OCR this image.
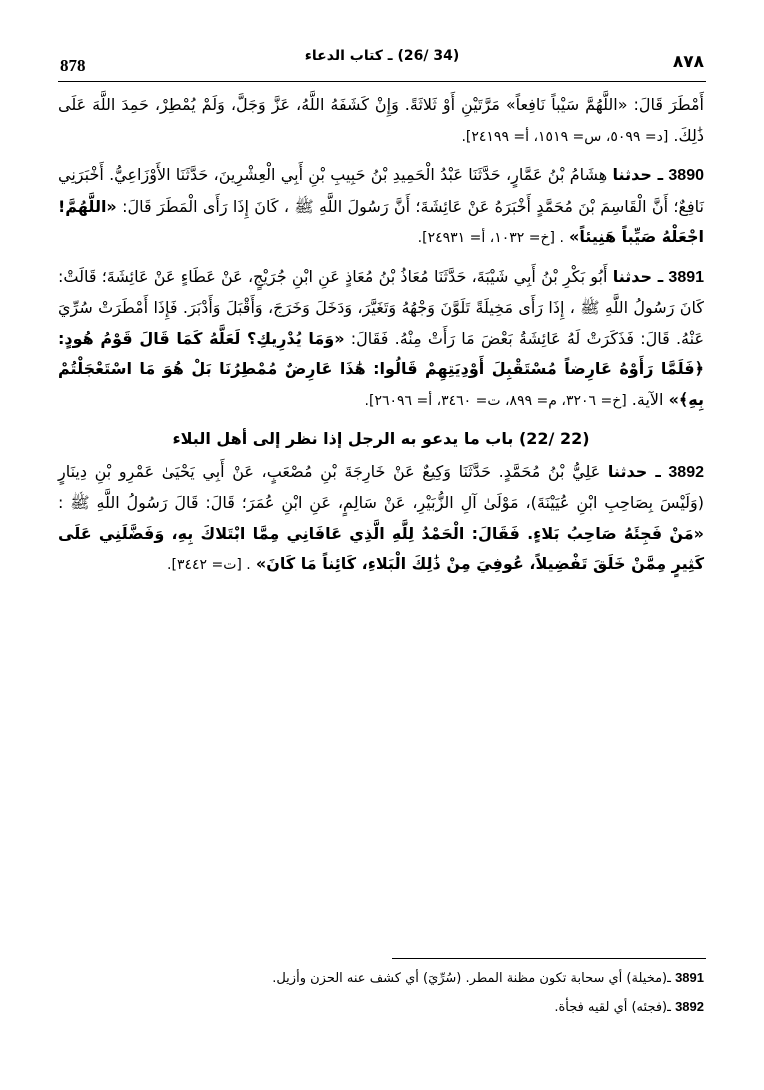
878	(34 /26) ـ كتاب الدعاء	٨٧٨

أَمْطَرَ قَالَ: «اللَّهُمَّ سَيْباً نَافِعاً» مَرَّتَيْنِ أَوْ ثَلاثَةً. وَإِنْ كَشَفَهُ اللَّهُ، عَزَّ وَجَلَّ، وَلَمْ يُمْطِرْ، حَمِدَ اللَّهَ عَلَى ذَٰلِكَ. [د= ٥٠٩٩، س= ١٥١٩، أ= ٢٤١٩٩].

3890 ـ حدثنا هِشَامُ بْنُ عَمَّارٍ، حَدَّثَنَا عَبْدُ الْحَمِيدِ بْنُ حَبِيبِ بْنِ أَبِي الْعِشْرِينَ، حَدَّثَنَا الأَوْزَاعِيُّ. أَخْبَرَنِي نَافِعٌ؛ أَنَّ الْقَاسِمَ بْنَ مُحَمَّدٍ أَخْبَرَهُ عَنْ عَائِشَةَ؛ أَنَّ رَسُولَ اللَّهِ ﷺ ، كَانَ إِذَا رَأَى الْمَطَرَ قَالَ: «اللَّهُمَّ! اجْعَلْهُ صَيِّباً هَنِيئاً» . [خ= ١٠٣٢، أ= ٢٤٩٣١].

3891 ـ حدثنا أَبُو بَكْرِ بْنُ أَبِي شَيْبَةَ، حَدَّثَنَا مُعَاذُ بْنُ مُعَاذٍ عَنِ ابْنِ جُرَيْجٍ، عَنْ عَطَاءٍ عَنْ عَائِشَةَ؛ قَالَتْ: كَانَ رَسُولُ اللَّهِ ﷺ ، إِذَا رَأَى مَخِيلَةً تَلَوَّنَ وَجْهُهُ وَتَغَيَّرَ، وَدَخَلَ وَخَرَجَ، وَأَقْبَلَ وَأَدْبَرَ. فَإِذَا أَمْطَرَتْ سُرِّيَ عَنْهُ. قَالَ: فَذَكَرَتْ لَهُ عَائِشَةُ بَعْضَ مَا رَأَتْ مِنْهُ. فَقَالَ: «وَمَا يُدْرِيكِ؟ لَعَلَّهُ كَمَا قَالَ قَوْمُ هُودٍ: ﴿فَلَمَّا رَأَوْهُ عَارِضاً مُسْتَقْبِلَ أَوْدِيَتِهِمْ قَالُوا: هَٰذَا عَارِضٌ مُمْطِرُنَا بَلْ هُوَ مَا اسْتَعْجَلْتُمْ بِهِ﴾» الآية. [خ= ٣٢٠٦، م= ٨٩٩، ت= ٣٤٦٠، أ= ٢٦٠٩٦].

(22 /22) باب ما يدعو به الرجل إذا نظر إلى أهل البلاء

3892 ـ حدثنا عَلِيُّ بْنُ مُحَمَّدٍ. حَدَّثَنَا وَكِيعٌ عَنْ خَارِجَةَ بْنِ مُصْعَبٍ، عَنْ أَبِي يَحْيَىٰ عَمْرِو بْنِ دِينَارٍ (وَلَيْسَ بِصَاحِبِ ابْنِ عُيَيْنَةَ)، مَوْلَىٰ آلِ الزُّبَيْرِ، عَنْ سَالِمٍ، عَنِ ابْنِ عُمَرَ؛ قَالَ: قَالَ رَسُولُ اللَّهِ ﷺ : «مَنْ فَجِئَهُ صَاحِبُ بَلاءٍ. فَقَالَ: الْحَمْدُ لِلَّهِ الَّذِي عَافَانِي مِمَّا ابْتَلاكَ بِهِ، وَفَضَّلَنِي عَلَى كَثِيرٍ مِمَّنْ خَلَقَ تَفْضِيلاً، عُوفِيَ مِنْ ذَٰلِكَ الْبَلاءِ، كَائِناً مَا كَانَ» . [ت= ٣٤٤٢].

3891 ـ(مخيلة) أي سحابة تكون مظنة المطر. (سُرِّيَ) أي كشف عنه الحزن وأزيل.
3892 ـ(فجئه) أي لقيه فجأة.
